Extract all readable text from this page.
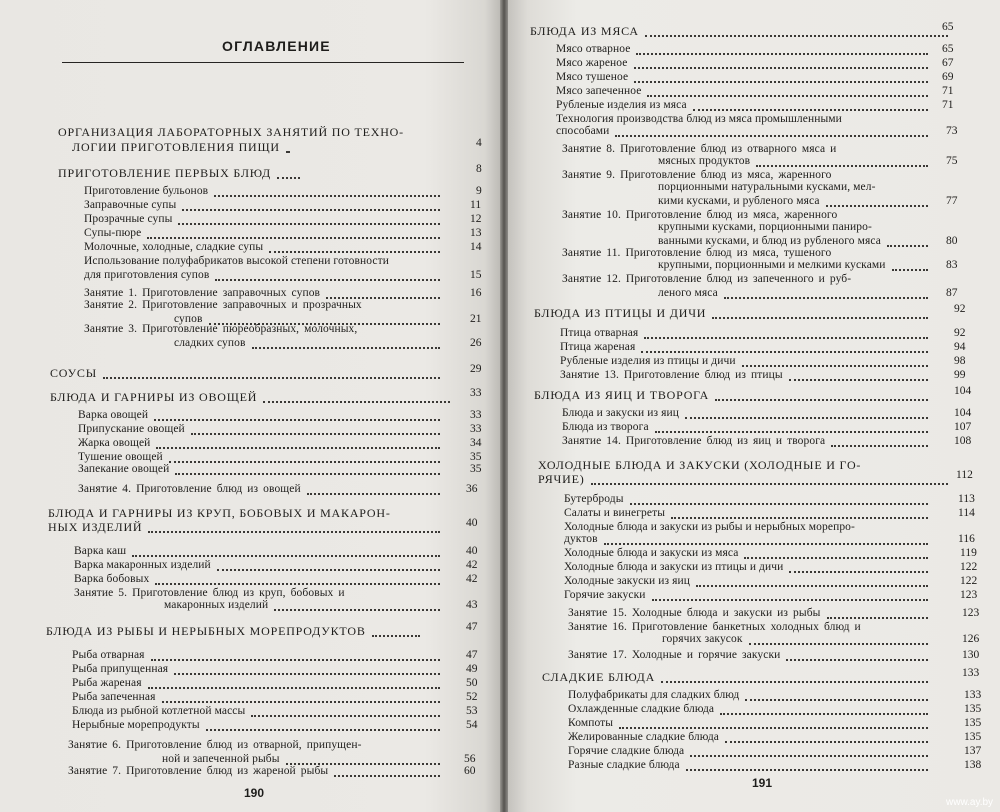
ОГЛАВЛЕНИЕ
190
ОРГАНИЗАЦИЯ ЛАБОРАТОРНЫХ ЗАНЯТИЙ ПО ТЕХНО-
ЛОГИИ ПРИГОТОВЛЕНИЯ ПИЩИ	4
ПРИГОТОВЛЕНИЕ ПЕРВЫХ БЛЮД	8
Приготовление бульонов	9
Заправочные супы	11
Прозрачные супы	12
Супы-пюре	13
Молочные, холодные, сладкие супы	14
Использование полуфабрикатов высокой степени готовности
для приготовления супов	15
Занятие 1. Приготовление заправочных супов	16
Занятие 2. Приготовление заправочных и прозрачных
супов	21
Занятие 3. Приготовление пюреобразных, молочных,
сладких супов	26
СОУСЫ	29
БЛЮДА И ГАРНИРЫ ИЗ ОВОЩЕЙ	33
Варка овощей	33
Припускание овощей	33
Жарка овощей	34
Тушение овощей	35
Запекание овощей	35
Занятие 4. Приготовление блюд из овощей	36
БЛЮДА И ГАРНИРЫ ИЗ КРУП, БОБОВЫХ И МАКАРОН-
НЫХ ИЗДЕЛИЙ	40
Варка каш	40
Варка макаронных изделий	42
Варка бобовых	42
Занятие 5. Приготовление блюд из круп, бобовых и
макаронных изделий	43
БЛЮДА ИЗ РЫБЫ И НЕРЫБНЫХ МОРЕПРОДУКТОВ	47
Рыба отварная	47
Рыба припущенная	49
Рыба жареная	50
Рыба запеченная	52
Блюда из рыбной котлетной массы	53
Нерыбные морепродукты	54
Занятие 6. Приготовление блюд из отварной, припущен-
ной и запеченной рыбы	56
Занятие 7. Приготовление блюд из жареной рыбы	60
191
www.ay.by
БЛЮДА ИЗ МЯСА	65
Мясо отварное	65
Мясо жареное	67
Мясо тушеное	69
Мясо запеченное	71
Рубленые изделия из мяса	71
Технология производства блюд из мяса промышленными
способами	73
Занятие 8. Приготовление блюд из отварного мяса и
мясных продуктов	75
Занятие 9. Приготовление блюд из мяса, жаренного
порционными натуральными кусками, мел-
кими кусками, и рубленого мяса	77
Занятие 10. Приготовление блюд из мяса, жаренного
крупными кусками, порционными паниро-
ванными кусками, и блюд из рубленого мяса	80
Занятие 11. Приготовление блюд из мяса, тушеного
крупными, порционными и мелкими кусками	83
Занятие 12. Приготовление блюд из запеченного и руб-
леного мяса	87
БЛЮДА ИЗ ПТИЦЫ И ДИЧИ	92
Птица отварная	92
Птица жареная	94
Рубленые изделия из птицы и дичи	98
Занятие 13. Приготовление блюд из птицы	99
БЛЮДА ИЗ ЯИЦ И ТВОРОГА	104
Блюда и закуски из яиц	104
Блюда из творога	107
Занятие 14. Приготовление блюд из яиц и творога	108
ХОЛОДНЫЕ БЛЮДА И ЗАКУСКИ (ХОЛОДНЫЕ И ГО-
РЯЧИЕ)	112
Бутерброды	113
Салаты и винегреты	114
Холодные блюда и закуски из рыбы и нерыбных морепро-
дуктов	116
Холодные блюда и закуски из мяса	119
Холодные блюда и закуски из птицы и дичи	122
Холодные закуски из яиц	122
Горячие закуски	123
Занятие 15. Холодные блюда и закуски из рыбы	123
Занятие 16. Приготовление банкетных холодных блюд и
горячих закусок	126
Занятие 17. Холодные и горячие закуски	130
СЛАДКИЕ БЛЮДА	133
Полуфабрикаты для сладких блюд	133
Охлажденные сладкие блюда	135
Компоты	135
Желированные сладкие блюда	135
Горячие сладкие блюда	137
Разные сладкие блюда	138
